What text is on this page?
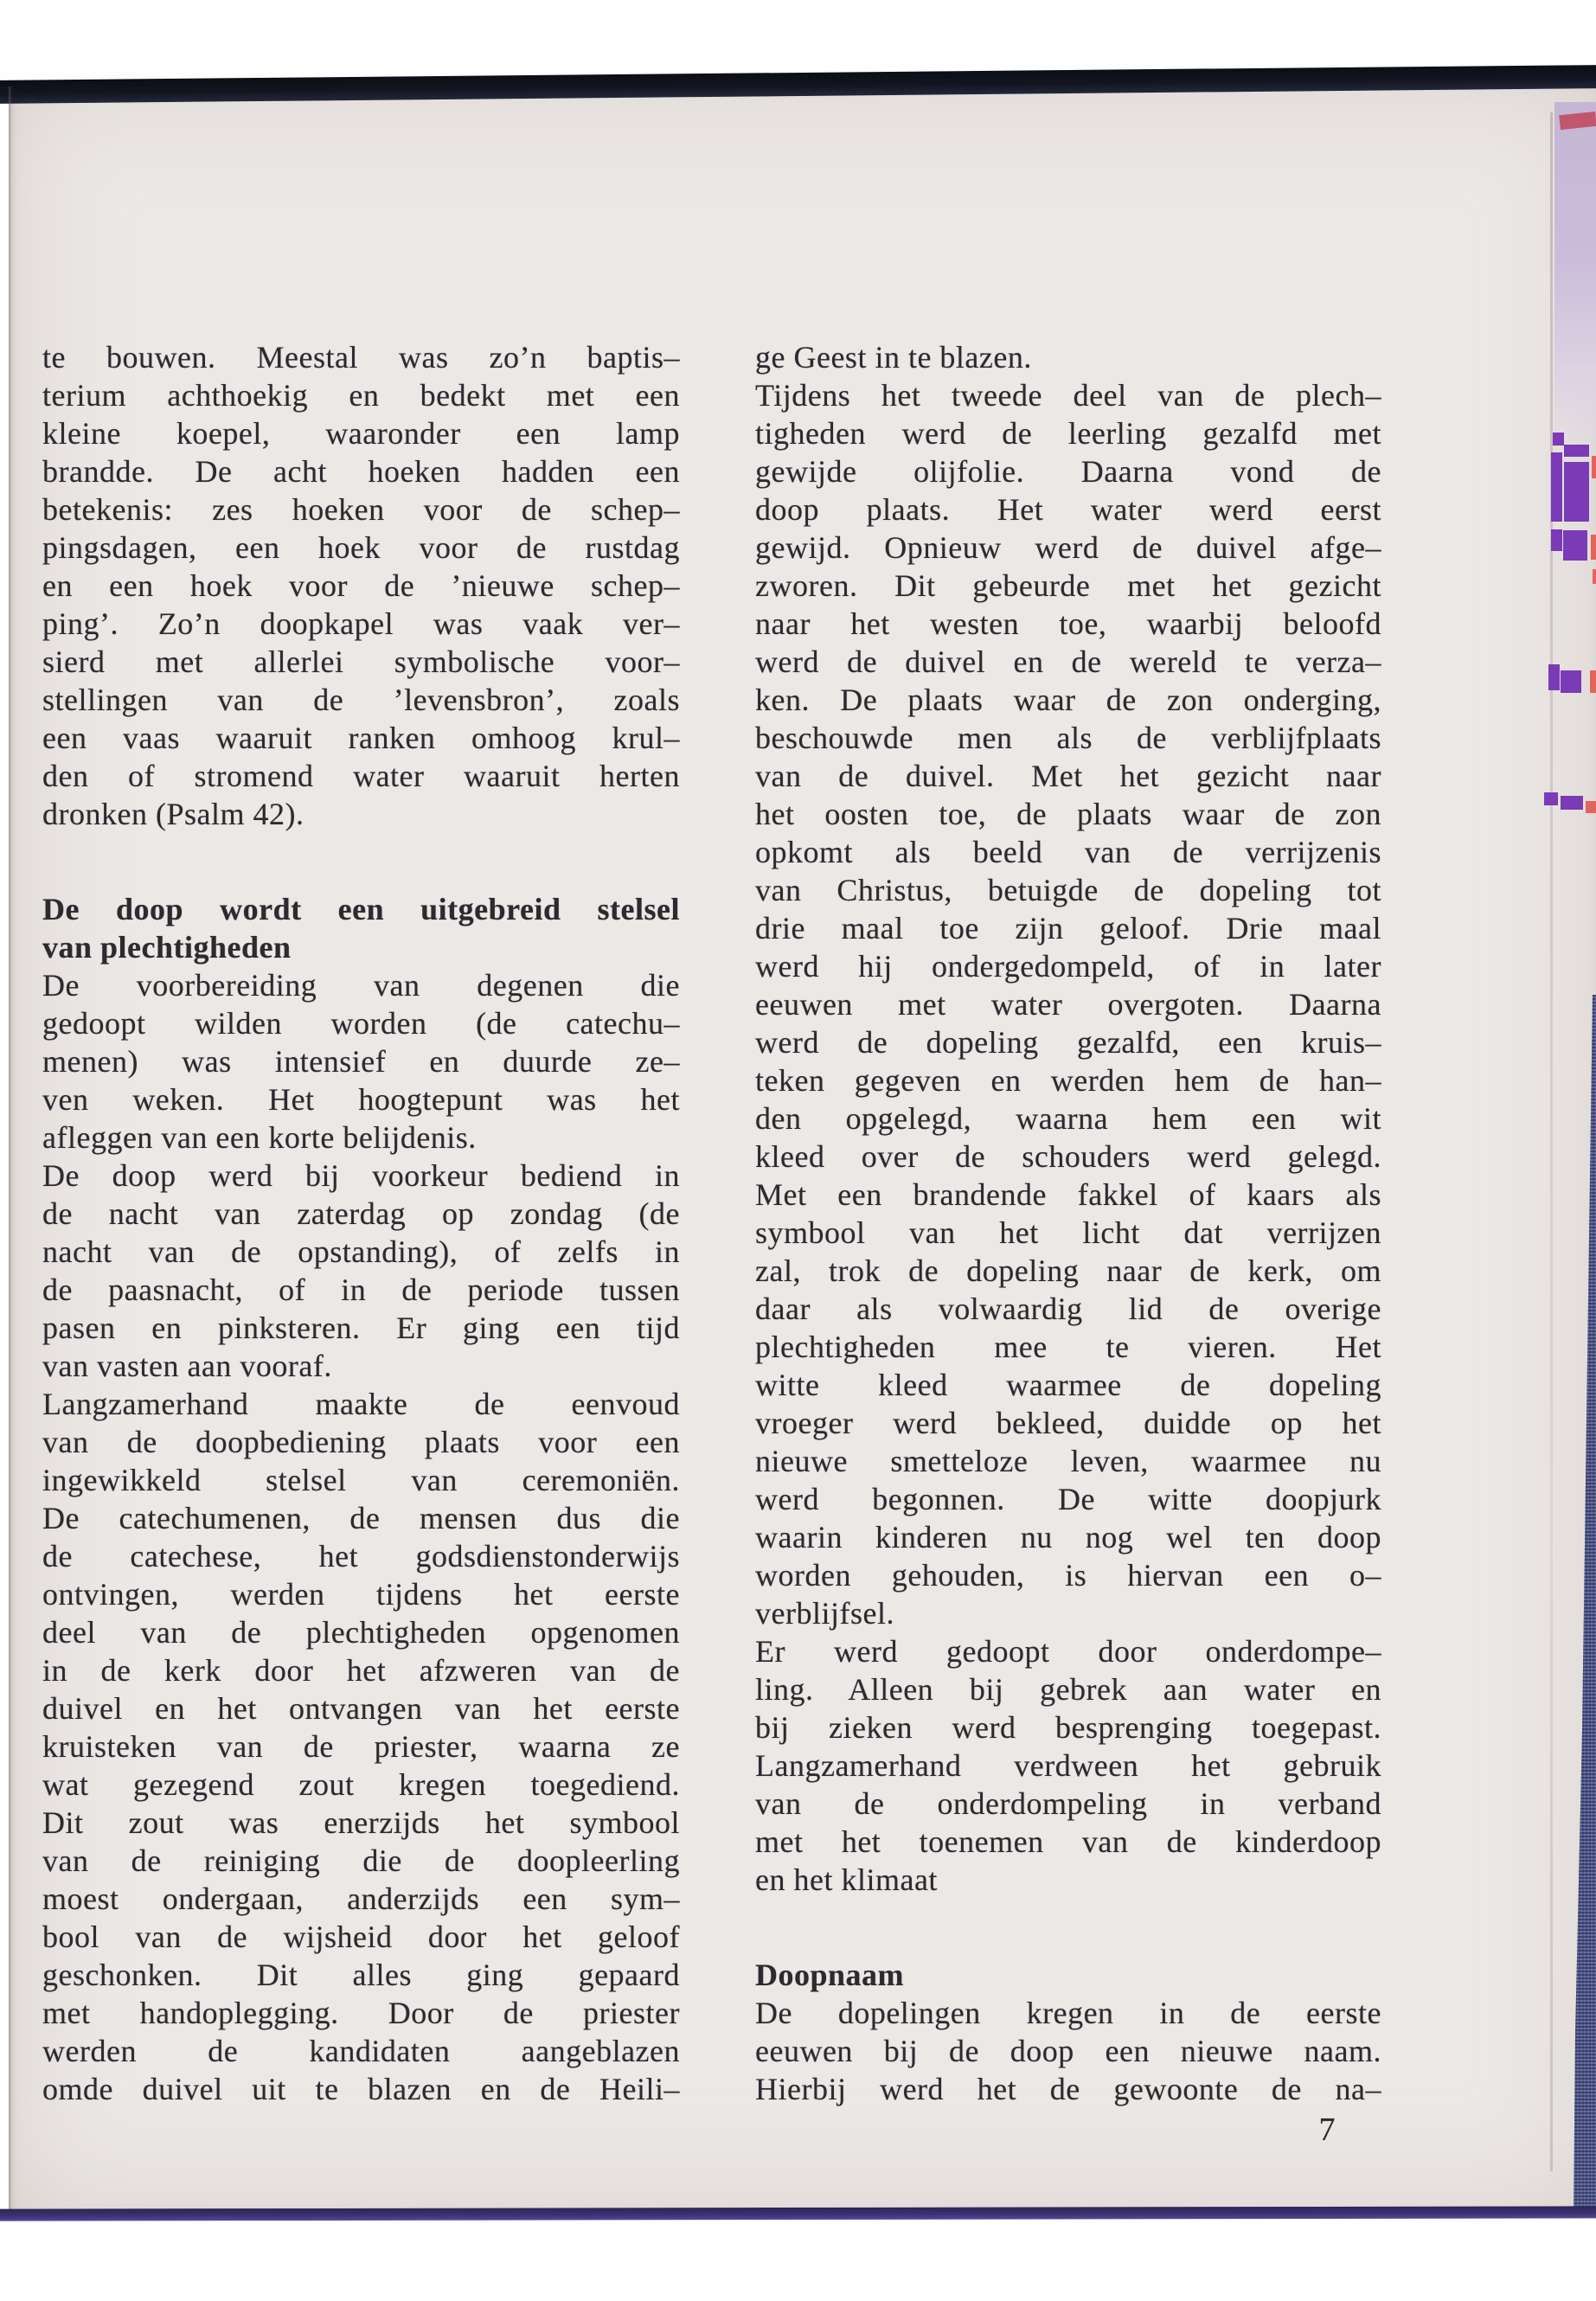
te bouwen. Meestal was zo’n baptis–
terium achthoekig en bedekt met een
kleine koepel, waaronder een lamp
brandde. De acht hoeken hadden een
betekenis: zes hoeken voor de schep–
pingsdagen, een hoek voor de rustdag
en een hoek voor de ’nieuwe schep–
ping’. Zo’n doopkapel was vaak ver–
sierd met allerlei symbolische voor–
stellingen van de ’levensbron’, zoals
een vaas waaruit ranken omhoog krul–
den of stromend water waaruit herten
dronken (Psalm 42).
De doop wordt een uitgebreid stelsel
van plechtigheden
De voorbereiding van degenen die
gedoopt wilden worden (de catechu–
menen) was intensief en duurde ze–
ven weken. Het hoogtepunt was het
afleggen van een korte belijdenis.
De doop werd bij voorkeur bediend in
de nacht van zaterdag op zondag (de
nacht van de opstanding), of zelfs in
de paasnacht, of in de periode tussen
pasen en pinksteren. Er ging een tijd
van vasten aan vooraf.
Langzamerhand maakte de eenvoud
van de doopbediening plaats voor een
ingewikkeld stelsel van ceremoniën.
De catechumenen, de mensen dus die
de catechese, het godsdienstonderwijs
ontvingen, werden tijdens het eerste
deel van de plechtigheden opgenomen
in de kerk door het afzweren van de
duivel en het ontvangen van het eerste
kruisteken van de priester, waarna ze
wat gezegend zout kregen toegediend.
Dit zout was enerzijds het symbool
van de reiniging die de doopleerling
moest ondergaan, anderzijds een sym–
bool van de wijsheid door het geloof
geschonken. Dit alles ging gepaard
met handoplegging. Door de priester
werden de kandidaten aangeblazen
omde duivel uit te blazen en de Heili–
ge Geest in te blazen.
Tijdens het tweede deel van de plech–
tigheden werd de leerling gezalfd met
gewijde olijfolie. Daarna vond de
doop plaats. Het water werd eerst
gewijd. Opnieuw werd de duivel afge–
zworen. Dit gebeurde met het gezicht
naar het westen toe, waarbij beloofd
werd de duivel en de wereld te verza–
ken. De plaats waar de zon onderging,
beschouwde men als de verblijfplaats
van de duivel. Met het gezicht naar
het oosten toe, de plaats waar de zon
opkomt als beeld van de verrijzenis
van Christus, betuigde de dopeling tot
drie maal toe zijn geloof. Drie maal
werd hij ondergedompeld, of in later
eeuwen met water overgoten. Daarna
werd de dopeling gezalfd, een kruis–
teken gegeven en werden hem de han–
den opgelegd, waarna hem een wit
kleed over de schouders werd gelegd.
Met een brandende fakkel of kaars als
symbool van het licht dat verrijzen
zal, trok de dopeling naar de kerk, om
daar als volwaardig lid de overige
plechtigheden mee te vieren. Het
witte kleed waarmee de dopeling
vroeger werd bekleed, duidde op het
nieuwe smetteloze leven, waarmee nu
werd begonnen. De witte doopjurk
waarin kinderen nu nog wel ten doop
worden gehouden, is hiervan een o–
verblijfsel.
Er werd gedoopt door onderdompe–
ling. Alleen bij gebrek aan water en
bij zieken werd besprenging toegepast.
Langzamerhand verdween het gebruik
van de onderdompeling in verband
met het toenemen van de kinderdoop
en het klimaat
Doopnaam
De dopelingen kregen in de eerste
eeuwen bij de doop een nieuwe naam.
Hierbij werd het de gewoonte de na–
7
